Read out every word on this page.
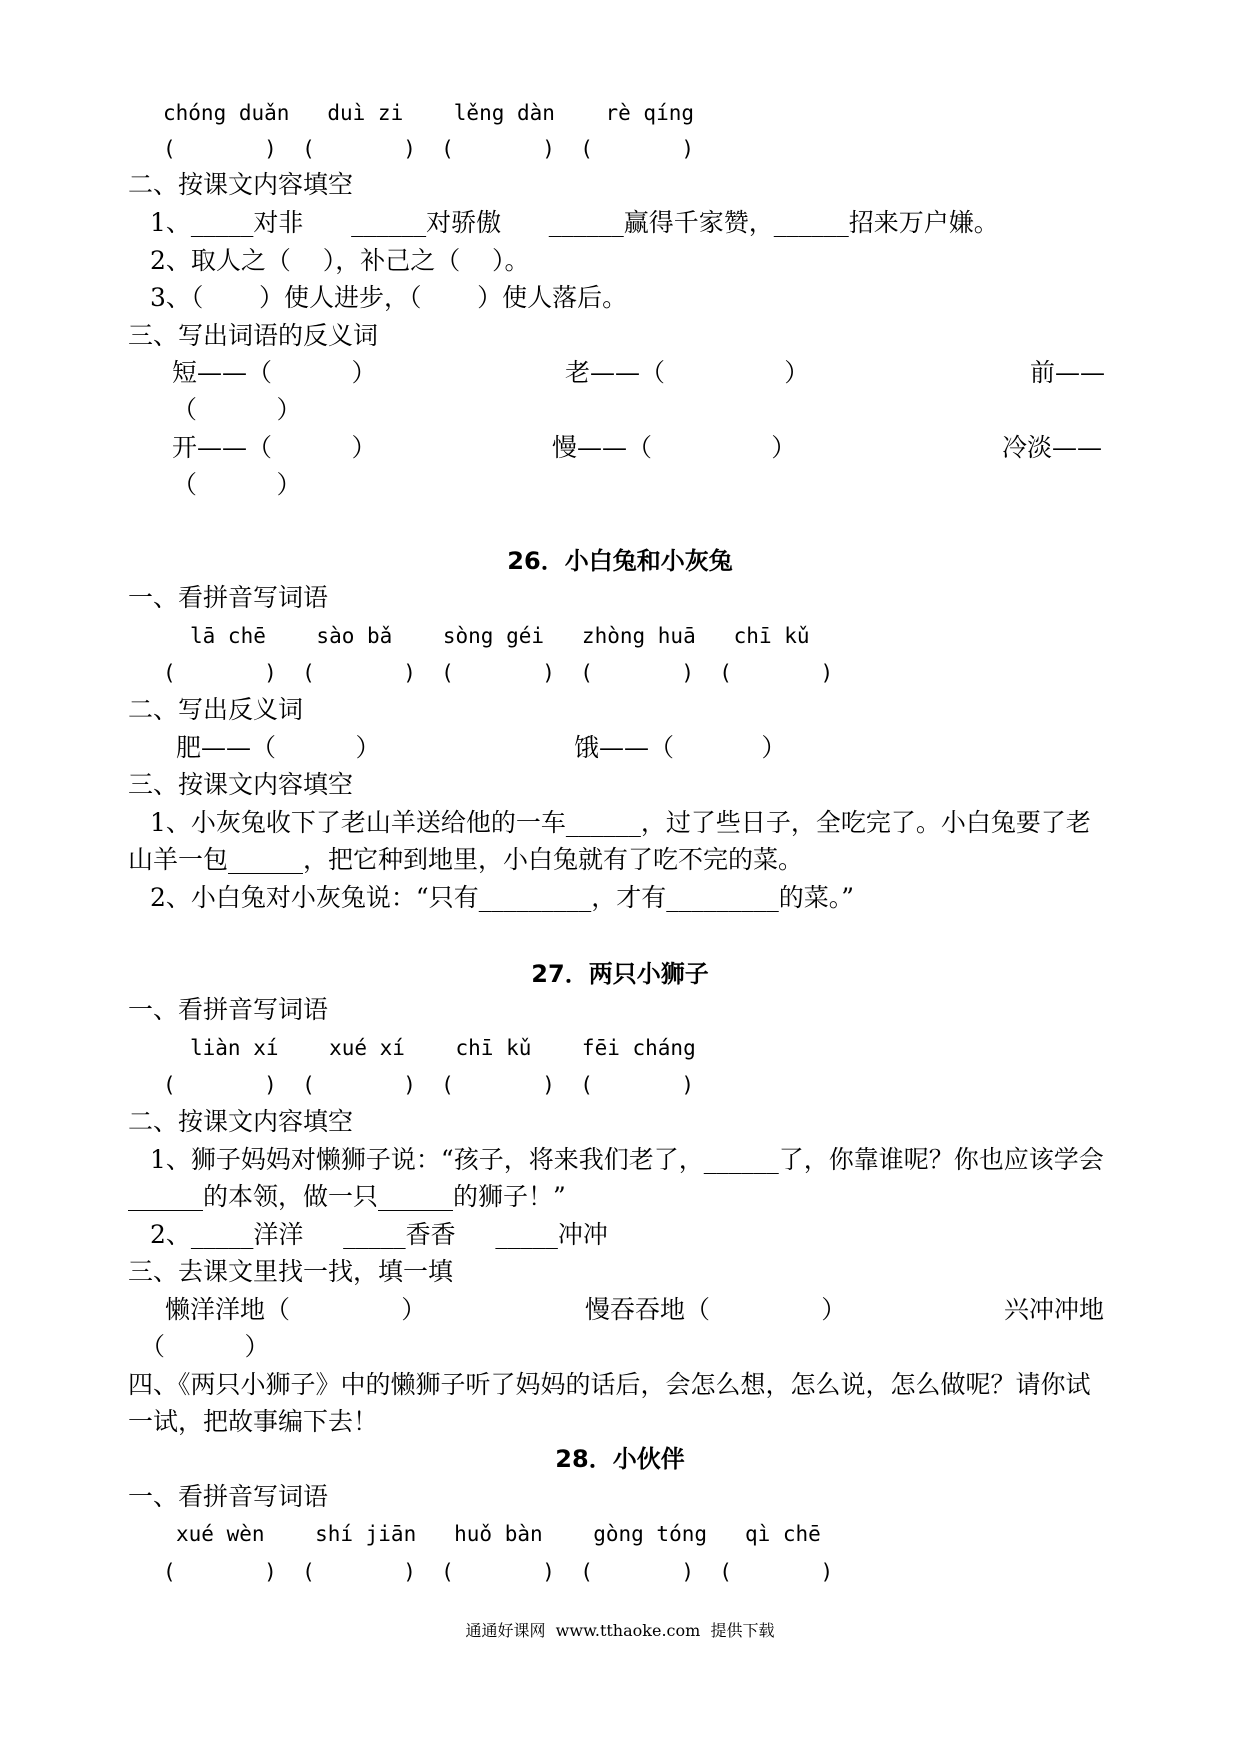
chóng duǎn   duì zi    lěng dàn    rè qíng
(       )  (       )  (       )  (       )
二、按课文内容填空
1、_____对非      ______对骄傲      ______赢得千家赞，______招来万户嫌。
2、取人之（    ），补己之（    ）。
3、（       ）使人进步，（       ）使人落后。
三、写出词语的反义词
短——（          ）	老——（               ）	前——
（          ）
开——（          ）	慢——（               ）	冷淡——
（          ）
26．小白兔和小灰兔
一、看拼音写词语
lā chē    sào bǎ    sòng géi   zhòng huā   chī kǔ
(       )  (       )  (       )  (       )  (       )
二、写出反义词
肥——（          ）	饿——（           ）
三、按课文内容填空
1、小灰兔收下了老山羊送给他的一车______，过了些日子，全吃完了。小白兔要了老
山羊一包______，把它种到地里，小白兔就有了吃不完的菜。
2、小白兔对小灰兔说：“只有_________，才有_________的菜。”
27．两只小狮子
一、看拼音写词语
liàn xí    xué xí    chī kǔ    fēi cháng
(       )  (       )  (       )  (       )
二、按课文内容填空
1、狮子妈妈对懒狮子说：“孩子，将来我们老了，______了，你靠谁呢？你也应该学会
______的本领，做一只______的狮子！”
2、_____洋洋     _____香香     _____冲冲
三、去课文里找一找，填一填
懒洋洋地（              ）	慢吞吞地（              ）	兴冲冲地
（          ）
四、《两只小狮子》中的懒狮子听了妈妈的话后，会怎么想，怎么说，怎么做呢？请你试
一试，把故事编下去！
28．小伙伴
一、看拼音写词语
xué wèn    shí jiān   huǒ bàn    gòng tóng   qì chē
(       )  (       )  (       )  (       )  (       )
通通好课网  www.tthaoke.com  提供下载
